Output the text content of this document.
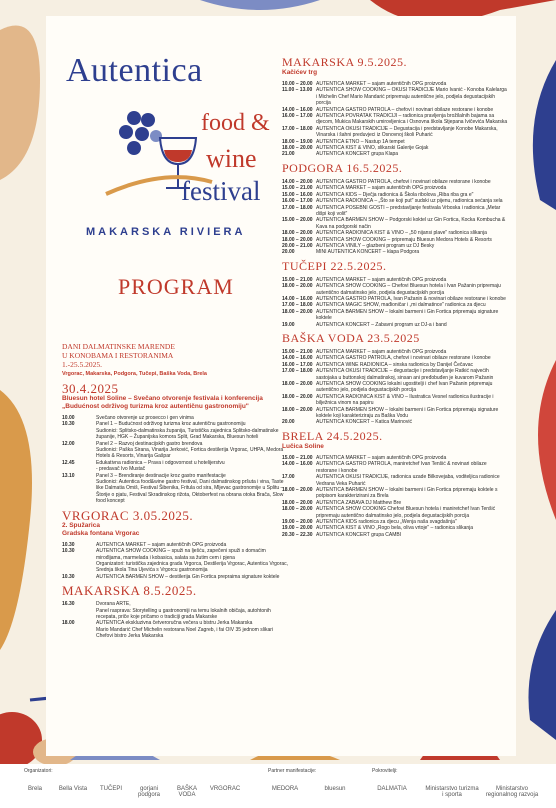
Autentica
food &
wine
festival
MAKARSKA RIVIERA
PROGRAM

DANI DALMATINSKE MARENDE

U KONOBAMA I RESTORANIMA

1.-25.5.2025.

Vrgorac, Makarska, Podgora, Tučepi, Baška Voda, Brela

30.4.2025

Bluesun hotel Soline – Svečano otvorenje festivala i konferencija

„Budućnost održivog turizma kroz autentičnu gastronomiju"

10.00	Svečano otvorenje uz prosecco i gen vinima
10.30	Panel 1 – Budućnost održivog turizma kroz autentičnu gastronomiju
Sudionici: Splitsko-dalmatinska županija, Turistička zajednica Splitsko-dalmatinske županije, HGK – Županijska komora Split, Grad Makarska, Bluesun hoteli
12.00	Panel 2 – Razvoj destinacijskih gastro brendova
Sudionici: Paška Sirana, Vinarija Jerković, Fortica destilerija Vrgorac, UHPA, Medora Hotels & Resorts, Vinarija Gašpar
12.45	Edukativna radionica – Prava i odgovornost u hotelijerstvu
- predavač Ivo Mustač
13.10	Panel 3 – Brendiranje destinacije kroz gastro manifestacije
Sudionici: Autentica food&wine gastro festival, Dani dalmatinskog pršuta i vina, Taste like Dalmatia Omiš, Festival Šibenika, Fritula od sira, Mljevac gastronomije u Splitu – Štorije o pjatu, Festival Skradinskog rižota, Oktoberfest na obrana otoka Brača, Slow food koncept

VRGORAC 3.05.2025.

2. Spužarica

Gradska fontana Vrgorac

10.30	AUTENTICA MARKET – sajam autentičnih OPG proizvoda
10.30	AUTENTICA SHOW COOKING – spuži na lješću, zapečeni spuži s domaćim mirođijama, marmelada i kobasica, salata sa žutim cem i pjena
Organizatori: turistička zajednica grada Vrgorca, Destilerija Vrgorac, Autentica Vrgorac, Srednja škola Tina Ujevića s Vrgorcu gastronomija
10.30	AUTENTICA BARMEN SHOW – destilerija Gin Fortica prepraima signature koktele

MAKARSKA 8.5.2025.

16.30	Dvorana ARTE,
Panel rasprava: Storytelling u gastronomiji na temu lokalnih običaja, autohtonih recepata, priče koje pričamo o tradiciji grada Makarske
18.00	AUTENTICA ekskluzivna četveroručna večera u bistru Jerka Makarska
Mario Mandarić Chef Michelin restorana Noel Zagreb, i fai OIV 35 jednom slikari Chefovi bistro Jerka Makarska

MAKARSKA 9.5.2025.

Kačićev trg

10.00 – 20.00 AUTENTICA MARKET – sajam autentičnih OPG proizvoda
11.00 – 13.00 AUTENTICA SHOW COOKING – OKUSI TRADICIJE Mario Ivanić - Konoba Kalelarga i Michelin Chef Mario Mandarić pripremaju autentične jelo, podjela degustacijskih porcija
14.00 – 16.00 AUTENTICA GASTRO PATROLA – chefovi i novinari obilaze restorane i konobe
16.00 – 17.00 AUTENTICA POVRATAK TRADICIJI – radionica pravljenja brožilalnih bajama sa djecom, Mukica Makarskih umirovljenica i Osnovna škola Stjepana Ivičevića Makarska
17.00 – 18.00 AUTENTICA OKUSI TRADICIJE – Degustacija i predstavljanje Konobe Makarska, Vinarska i šahni preduvjeci iz Osnovnoj školi Puharić
18.00 – 19.00 AUTENTICA ETNO – Nastup 1A tempet
18.00 – 20.00 AUTENTICA KIST & VINO, slikarski Galerije Gojak
21.00	AUTENTICA KONCERT grupa Klapa

PODGORA 16.5.2025.

14.00 – 20.00 AUTENTICA GASTRO PATROLA, chefovi i novinari obilaze restorane i konobe
15.00 – 21.00 AUTENTICA MARKET – sajam autentičnih OPG proizvoda
15.00 – 16.00 AUTENTICA KIDS – Dječja radionica & Škola ribolova „Riba riba gra e"
16.00 – 17.00 AUTENTICA RADIONICA – „Što se koji put" sudski uz pijenu, radionica sećanja sela
17.00 – 18.00 AUTENTICA POSEBNI GOSTI – predstavljanje festivala Vrboska i radionica „Metar dišpi koji volit"
15.00 – 20.00 AUTENTICA BARMEN SHOW – Podgorski koktel uz Gin Fortica, Kocka Kombucha & Kava na podgorski način
18.00 – 20.00 AUTENTICA RADIONICA KIST & VINO – „50 nijansi plave" radionica slikanja
18.00 – 20.00 AUTENTICA SHOW COOKING – pripremaju Bluesun Medora Hotels & Resorts
20.00 – 21.00 AUTENTICA VINILY – glazbeni program uz DJ Besky
20.00	MINI AUTENTICA KONCERT – klapa Podgora

TUČEPI 22.5.2025.

15.00 – 21.00 AUTENTICA MARKET – sajam autentičnih OPG proizvoda
18.00 – 20.00 AUTENTICA SHOW COOKING – Chefovi Bluesun hotela i Ivan Pažanin pripremaju autentično dalmatinsko jelo, podjela degustacijskih porcija
14.00 – 16.00 AUTENTICA GASTRO PATROLA, Ivan Pažanin & novinari obilaze restorane i konobe
17.00 – 18.00 AUTENTICA MAGIC SHOW, mađioničar i „mi dalmatince" radionica za djecu
18.00 – 20.00 AUTENTICA BARMEN SHOW – lokalni barmeni i Gin Fortica pripremaju signature koktele
19.00	AUTENTICA KONCERT – Zabavni program uz DJ-a i band

BAŠKA VODA 23.5.2025

15.00 – 21.00 AUTENTICA MARKET – sajam autentičnih OPG proizvoda
14.00 – 16.00 AUTENTICA GASTRO PATROLA, chefovi i novinari obilaze restorane i konobe
16.00 – 17.00 AUTENTICA WINE RADIONICA – sinska radionica by Danijel Čečavac
17.00 – 18.00 AUTENTICA OKUSI TRADICIJE – degustacije i predstavljanje Ratkić najvećih sastojaka u buttonskoj dalmatinskoj, sinsan ani pređobuđen je kuvarom Pažanin
18.00 – 20.00 AUTENTICA SHOW COOKING lokalni ugostitelji i chef Ivan Pažanin pripremaju autentično jelo, podjela degustacijskih porcija
18.00 – 20.00 AUTENTICA RADIONICA KIST & VINO – Ilustratica Vesnel radionica ilustracije i bilježnica vinom na papiru
18.00 – 20.00 AUTENTICA BARMEN SHOW – lokalni barmeni i Gin Fortica pripremaju signature koktele koji karakteriziraju za Baška Vodu
20.00	AUTENTICA KONCERT – Katica Marinović

BRELA 24.5.2025.

Lučica Soline

15.00 – 21.00 AUTENTICA MARKET – sajam autentičnih OPG proizvoda
14.00 – 16.00 AUTENTICA GASTRO PATROLA, maniretchef Ivan Tenšić & novinari obilaze restorane i konobe
17.00	AUTENTICA OKUSI TRADICIJE, radionica uzade Bilkovejaba, voditeljica radionice Vedrana Veka Puharić
18.00 – 20.00 AUTENTICA BARMEN SHOW – lokalni barmeni i Gin Fortica pripremaju koktele s potpisom karakterizirani za Brela
18.00 – 20.00 AUTENTICA ZABAVA DJ Matthew Bre
18.00 – 20.00 AUTENTICA SHOW COOKING Chefovi Bluesun hotela i maniretchef Ivan Tenšić pripremaju autentično dalmatinsko jelo, podjela degustacijskih porcija
19.00 – 20.00 AUTENTICA KIDS radionica za djecu „Wenja naša svagdašnja"
19.00 – 20.00 AUTENTICA KIST & VINO „Rogo bela, oliva vrtoje" – radionica slikanja
20.30 – 22.30 AUTENTICA KONCERT grupa CAMBI
Organizatori:	Partner manifestacije:	Pokrovitelji:
Brela	Bella Vista	TUČEPI	gorjani podgora
BAŠKA VODA
VRGORAC	MEDORA	bluesun	DALMATIA	Ministarstvo turizma i sporta
Ministarstvo regionalnog razvoja
